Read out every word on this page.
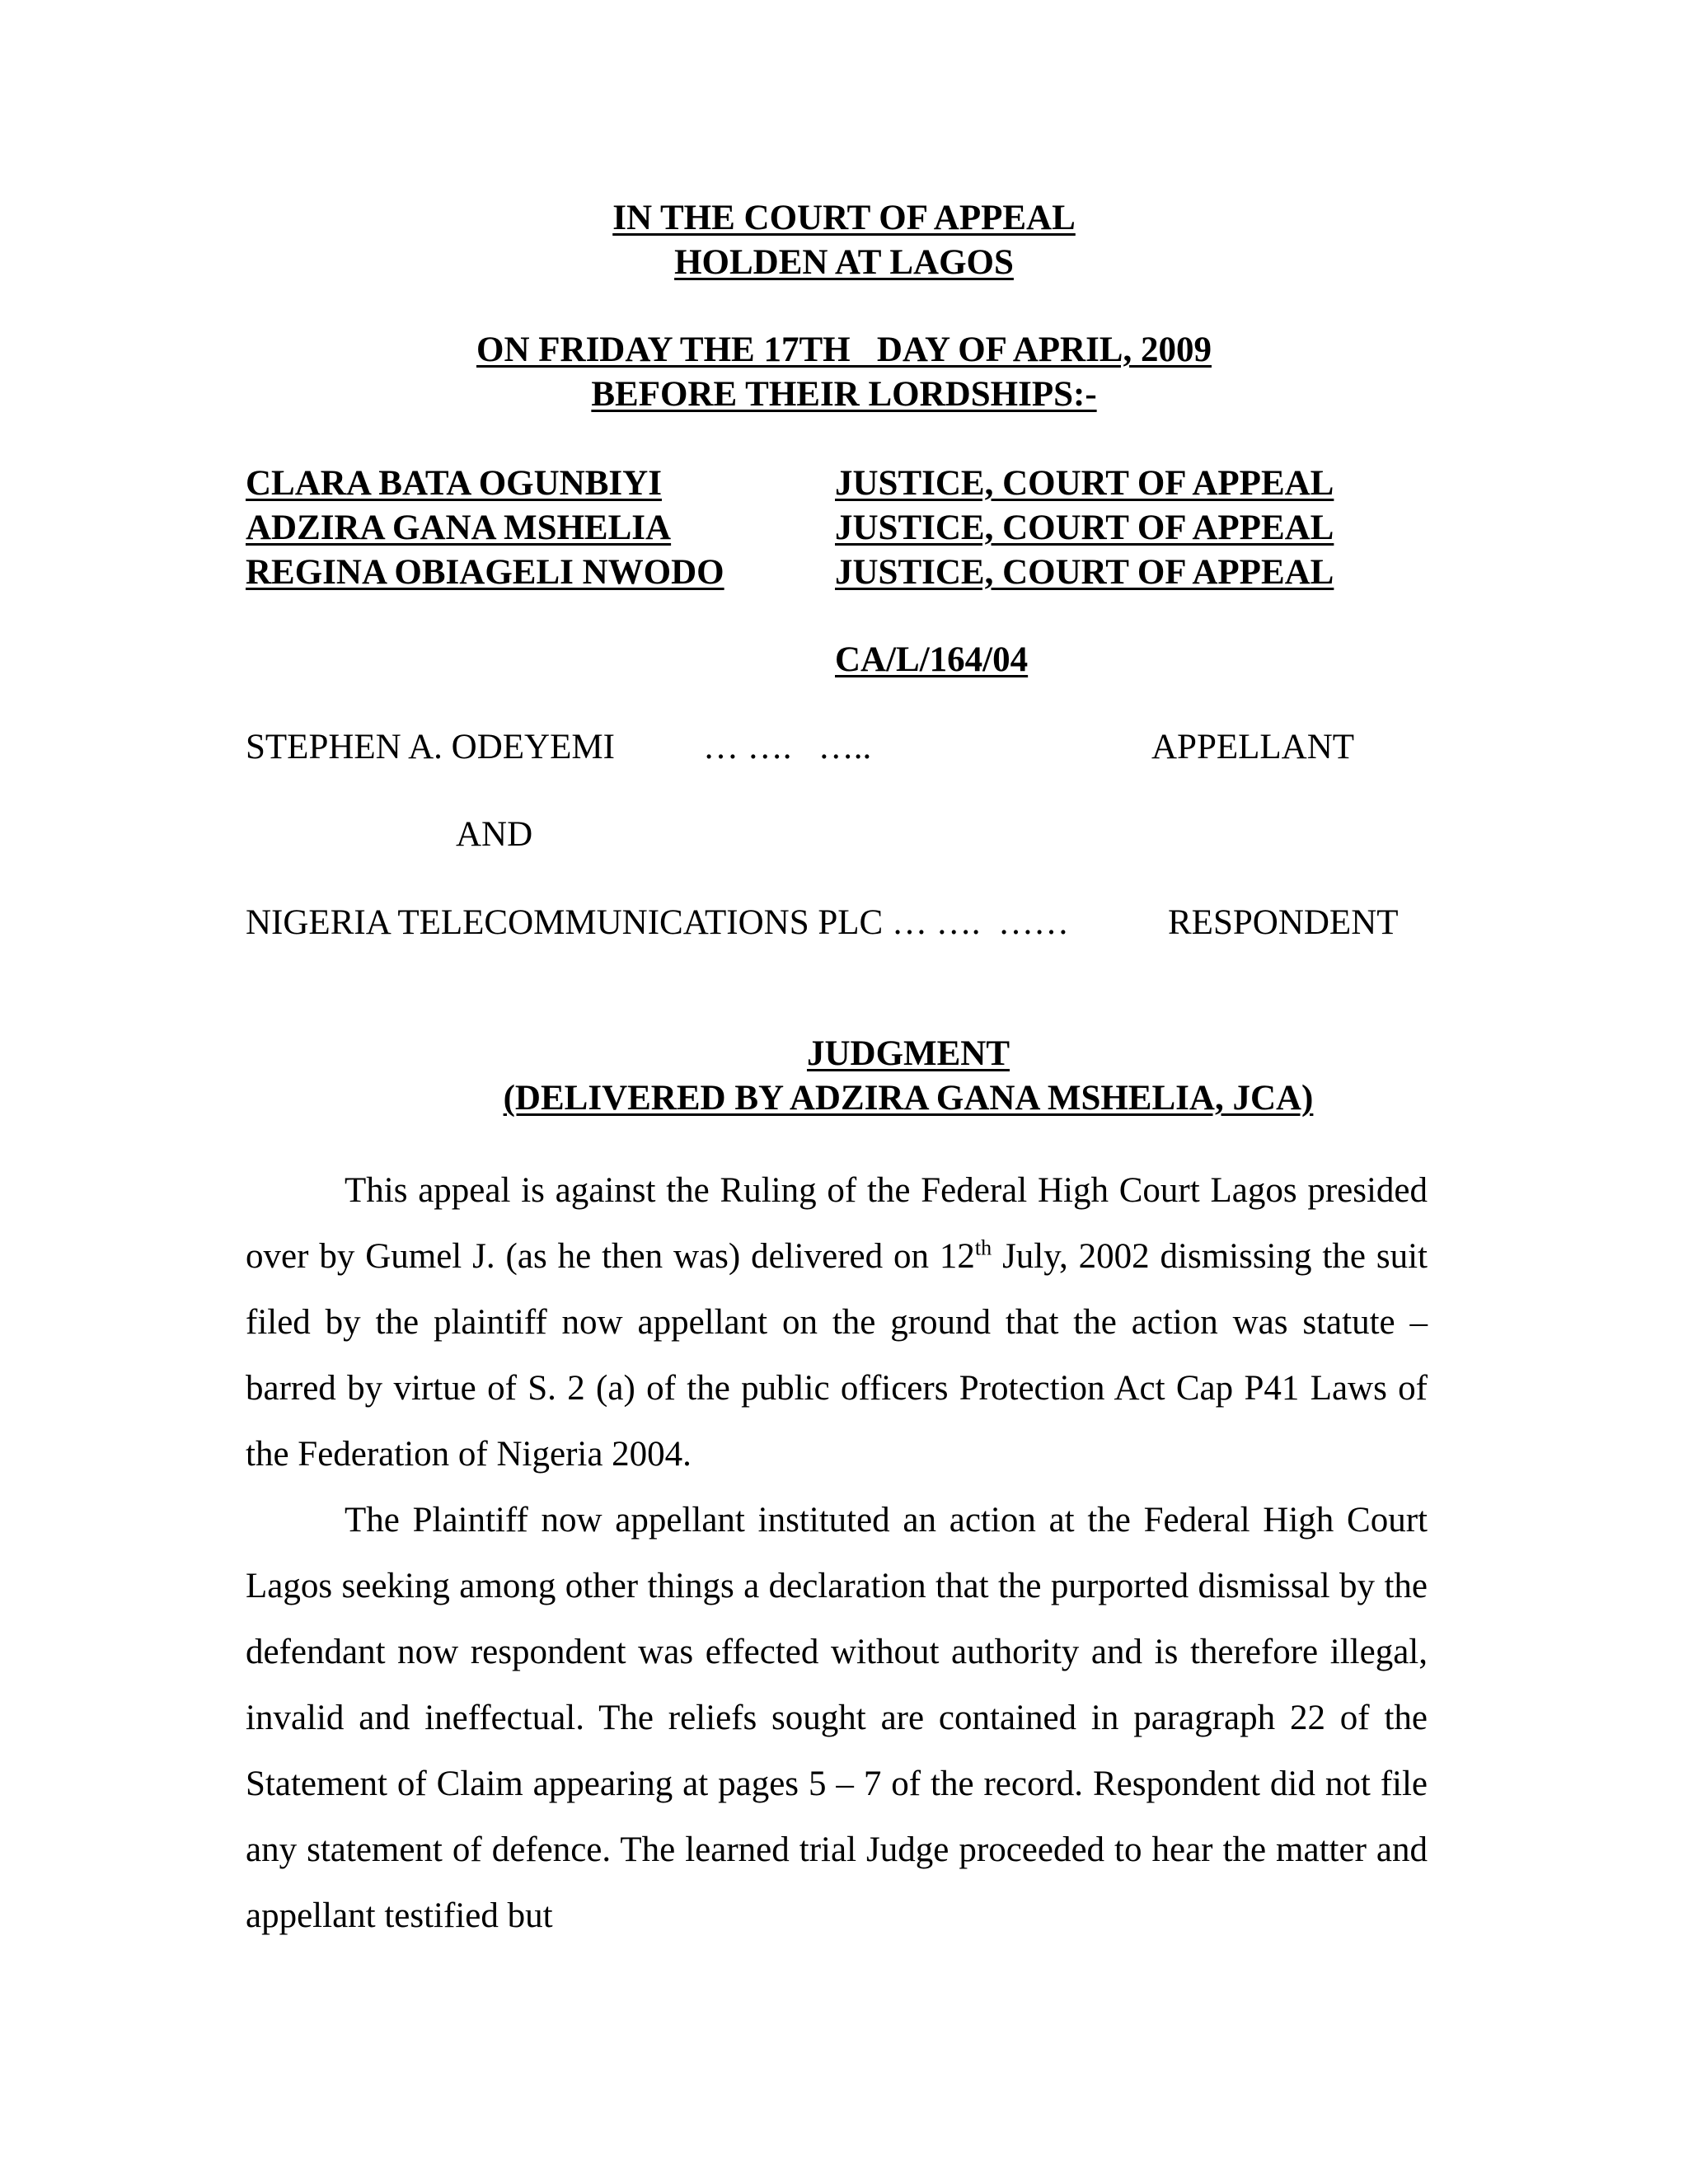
IN THE COURT OF APPEAL
HOLDEN AT LAGOS
ON FRIDAY THE 17TH   DAY OF APRIL, 2009
BEFORE THEIR LORDSHIPS:-
CLARA BATA OGUNBIYI	JUSTICE, COURT OF APPEAL
ADZIRA GANA MSHELIA	JUSTICE, COURT OF APPEAL
REGINA OBIAGELI NWODO	JUSTICE, COURT OF APPEAL
CA/L/164/04
STEPHEN A. ODEYEMI … ….   …..	APPELLANT
AND
NIGERIA TELECOMMUNICATIONS PLC … ….  ……	RESPONDENT
JUDGMENT
(DELIVERED BY ADZIRA GANA MSHELIA, JCA)

This appeal is against the Ruling of the Federal High Court Lagos presided over by Gumel J. (as he then was) delivered on 12th July, 2002 dismissing the suit filed by the plaintiff now appellant on the ground that the action was statute – barred by virtue of S. 2 (a) of the public officers Protection Act Cap P41 Laws of the Federation of Nigeria 2004.

The Plaintiff now appellant instituted an action at the Federal High Court Lagos seeking among other things a declaration that the purported dismissal by the defendant now respondent was effected without authority and is therefore illegal, invalid and ineffectual. The reliefs sought are contained in paragraph 22 of the Statement of Claim appearing at pages 5 – 7 of the record. Respondent did not file any statement of defence. The learned trial Judge proceeded to hear the matter and appellant testified but
